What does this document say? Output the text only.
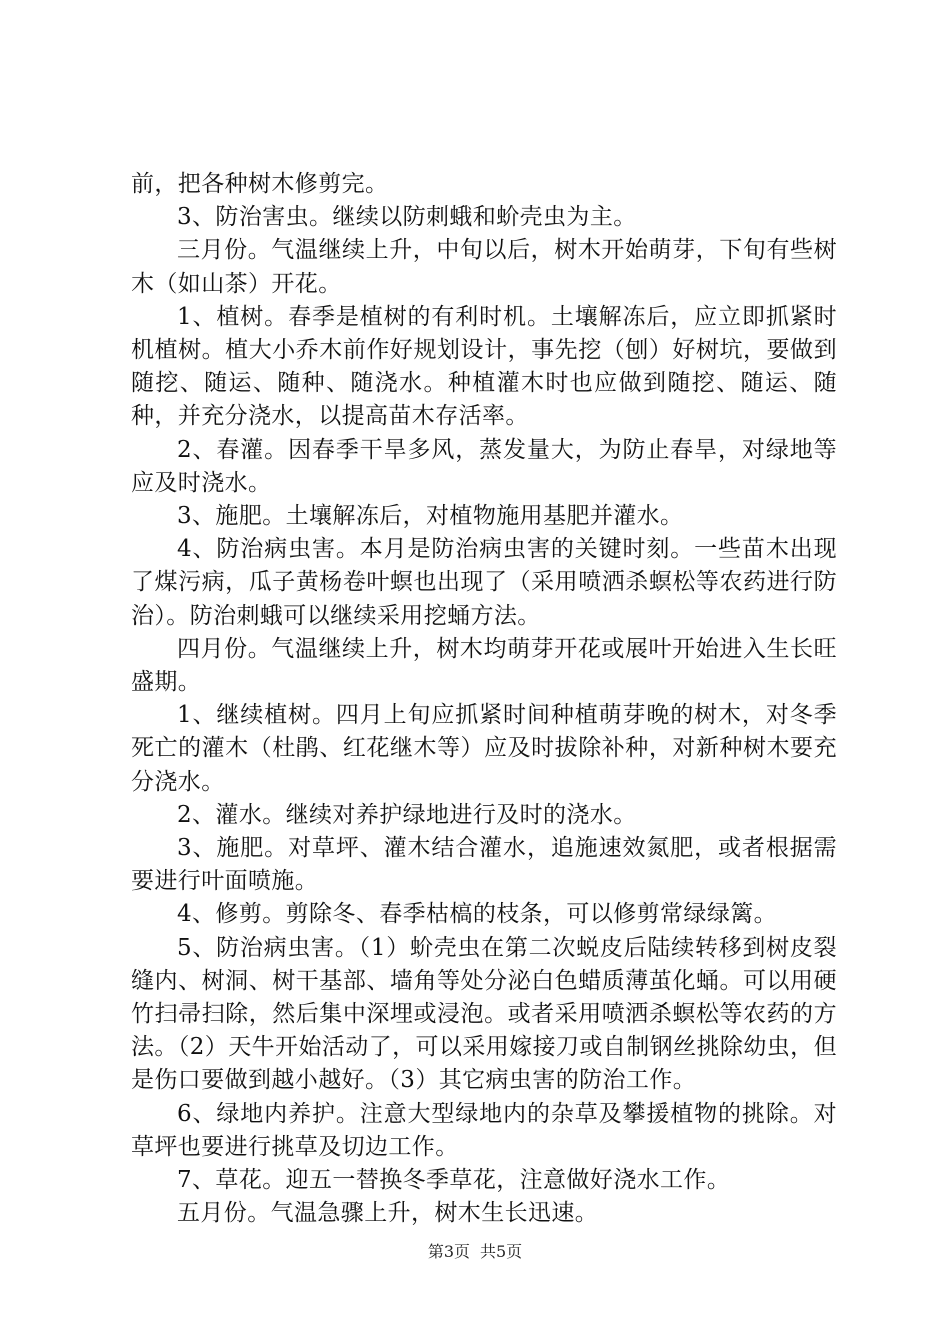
前，把各种树木修剪完。

3、防治害虫。继续以防刺蛾和蚧壳虫为主。

三月份。气温继续上升，中旬以后，树木开始萌芽，下旬有些树木（如山茶）开花。

1、植树。春季是植树的有利时机。土壤解冻后，应立即抓紧时机植树。植大小乔木前作好规划设计，事先挖（刨）好树坑，要做到随挖、随运、随种、随浇水。种植灌木时也应做到随挖、随运、随种，并充分浇水，以提高苗木存活率。

2、春灌。因春季干旱多风，蒸发量大，为防止春旱，对绿地等应及时浇水。

3、施肥。土壤解冻后，对植物施用基肥并灌水。

4、防治病虫害。本月是防治病虫害的关键时刻。一些苗木出现了煤污病，瓜子黄杨卷叶螟也出现了（采用喷洒杀螟松等农药进行防治）。防治刺蛾可以继续采用挖蛹方法。

四月份。气温继续上升，树木均萌芽开花或展叶开始进入生长旺盛期。

1、继续植树。四月上旬应抓紧时间种植萌芽晚的树木，对冬季死亡的灌木（杜鹃、红花继木等）应及时拔除补种，对新种树木要充分浇水。

2、灌水。继续对养护绿地进行及时的浇水。

3、施肥。对草坪、灌木结合灌水，追施速效氮肥，或者根据需要进行叶面喷施。

4、修剪。剪除冬、春季枯槁的枝条，可以修剪常绿绿篱。

5、防治病虫害。（1）蚧壳虫在第二次蜕皮后陆续转移到树皮裂缝内、树洞、树干基部、墙角等处分泌白色蜡质薄茧化蛹。可以用硬竹扫帚扫除，然后集中深埋或浸泡。或者采用喷洒杀螟松等农药的方法。（2）天牛开始活动了，可以采用嫁接刀或自制钢丝挑除幼虫，但是伤口要做到越小越好。（3）其它病虫害的防治工作。

6、绿地内养护。注意大型绿地内的杂草及攀援植物的挑除。对草坪也要进行挑草及切边工作。

7、草花。迎五一替换冬季草花，注意做好浇水工作。

五月份。气温急骤上升，树木生长迅速。

第3页 共5页
